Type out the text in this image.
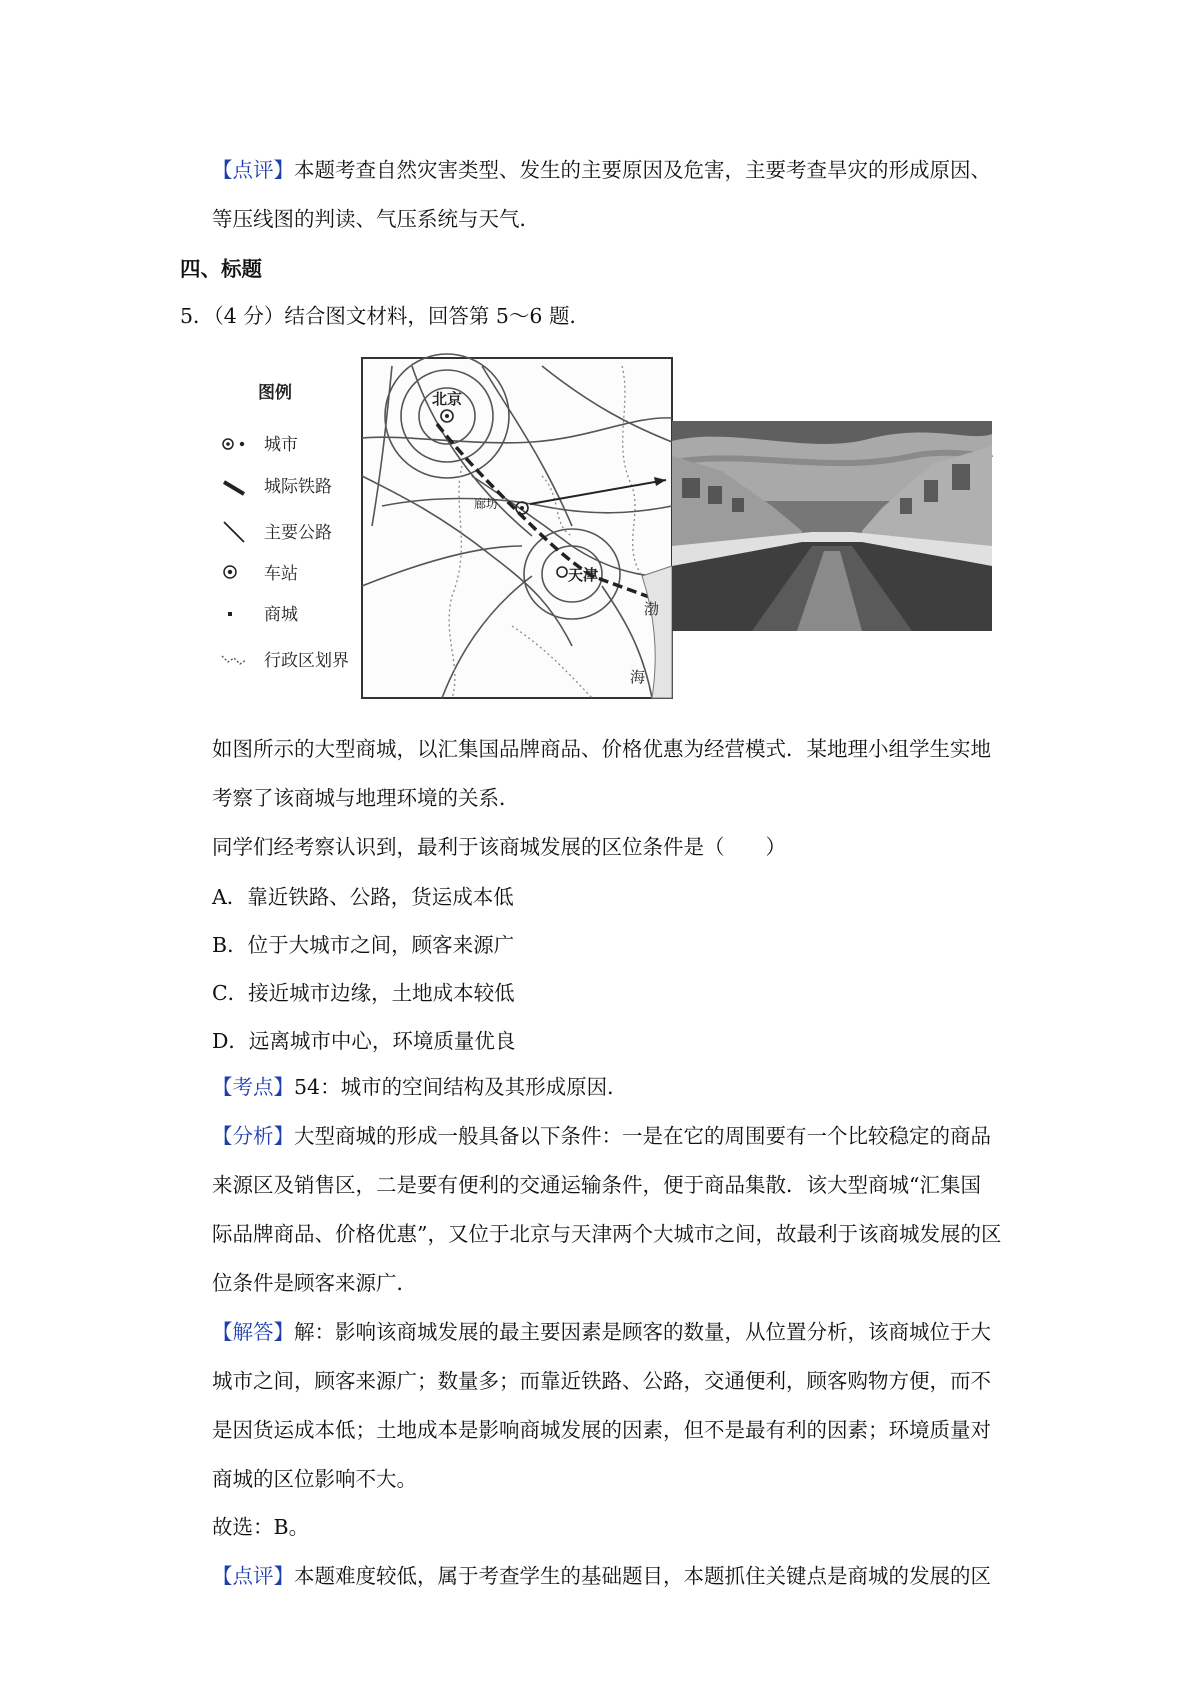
【点评】本题考查自然灾害类型、发生的主要原因及危害，主要考查旱灾的形成原因、
等压线图的判读、气压系统与天气．
四、标题
5．（4 分）结合图文材料，回答第 5～6 题．
图例
城市
城际铁路
主要公路
车站
商城
行政区划界
北京
廊坊
天津
渤
海
如图所示的大型商城，以汇集国品牌商品、价格优惠为经营模式．某地理小组学生实地
考察了该商城与地理环境的关系．
同学们经考察认识到，最利于该商城发展的区位条件是（　　）
A．靠近铁路、公路，货运成本低
B．位于大城市之间，顾客来源广
C．接近城市边缘，土地成本较低
D．远离城市中心，环境质量优良
【考点】54：城市的空间结构及其形成原因．
【分析】大型商城的形成一般具备以下条件：一是在它的周围要有一个比较稳定的商品
来源区及销售区，二是要有便利的交通运输条件，便于商品集散．该大型商城“汇集国
际品牌商品、价格优惠”，又位于北京与天津两个大城市之间，故最利于该商城发展的区
位条件是顾客来源广．
【解答】解：影响该商城发展的最主要因素是顾客的数量，从位置分析，该商城位于大
城市之间，顾客来源广；数量多；而靠近铁路、公路，交通便利，顾客购物方便，而不
是因货运成本低；土地成本是影响商城发展的因素，但不是最有利的因素；环境质量对
商城的区位影响不大。
故选：B。
【点评】本题难度较低，属于考查学生的基础题目，本题抓住关键点是商城的发展的区
